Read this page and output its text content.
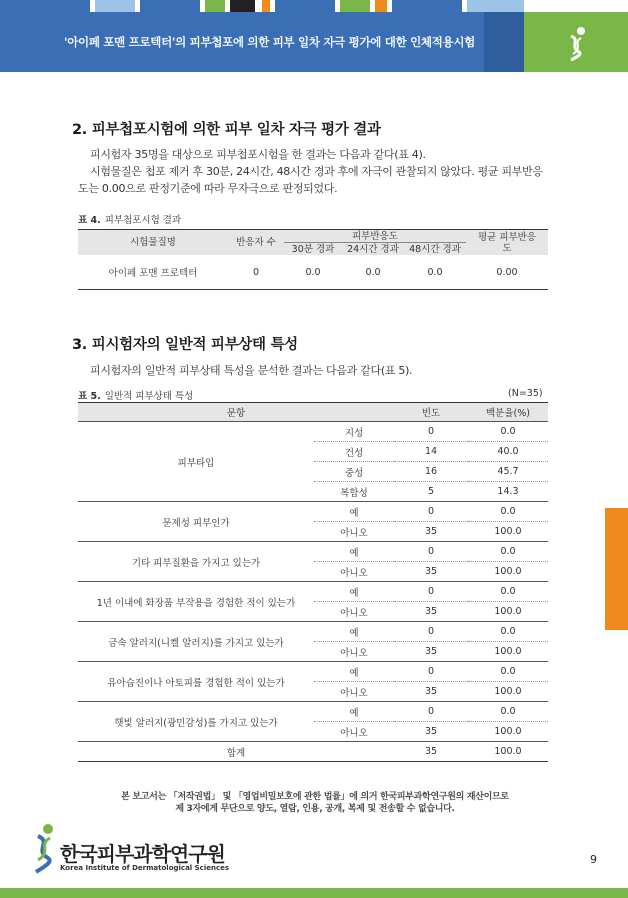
'아이페 포맨 프로텍터'의 피부첩포에 의한 피부 일차 자극 평가에 대한 인체적용시험
2. 피부첩포시험에 의한 피부 일차 자극 평가 결과
피시험자 35명을 대상으로 피부첩포시험을 한 결과는 다음과 같다(표 4).
시험물질은 첩포 제거 후 30분, 24시간, 48시간 경과 후에 자극이 관찰되지 않았다. 평균 피부반응도는 0.00으로 판정기준에 따라 무자극으로 판정되었다.
표 4. 피부첩포시험 결과
시험물질명	반응자 수	피부반응도			평균 피부반응도
		30분 경과	24시간 경과	48시간 경과	
아이페 포맨 프로텍터	0	0.0	0.0	0.0	0.00
3. 피시험자의 일반적 피부상태 특성
피시험자의 일반적 피부상태 특성을 분석한 결과는 다음과 같다(표 5).
표 5. 일반적 피부상태 특성	(N=35)
문항		빈도	백분율(%)
피부타입	지성	0	0.0
	건성	14	40.0
	중성	16	45.7
	복합성	5	14.3
문제성 피부인가	예	0	0.0
	아니오	35	100.0
기타 피부질환을 가지고 있는가	예	0	0.0
	아니오	35	100.0
1년 이내에 화장품 부작용을 경험한 적이 있는가	예	0	0.0
	아니오	35	100.0
금속 알러지(니켈 알러지)를 가지고 있는가	예	0	0.0
	아니오	35	100.0
유아습진이나 아토피를 경험한 적이 있는가	예	0	0.0
	아니오	35	100.0
햇빛 알러지(광민감성)를 가지고 있는가	예	0	0.0
	아니오	35	100.0
합계		35	100.0
본 보고서는 「저작권법」 및 「영업비밀보호에 관한 법률」에 의거 한국피부과학연구원의 재산이므로
제 3자에게 무단으로 양도, 열람, 인용, 공개, 복제 및 전송할 수 없습니다.
한국피부과학연구원
Korea Institute of Dermatological Sciences
9
